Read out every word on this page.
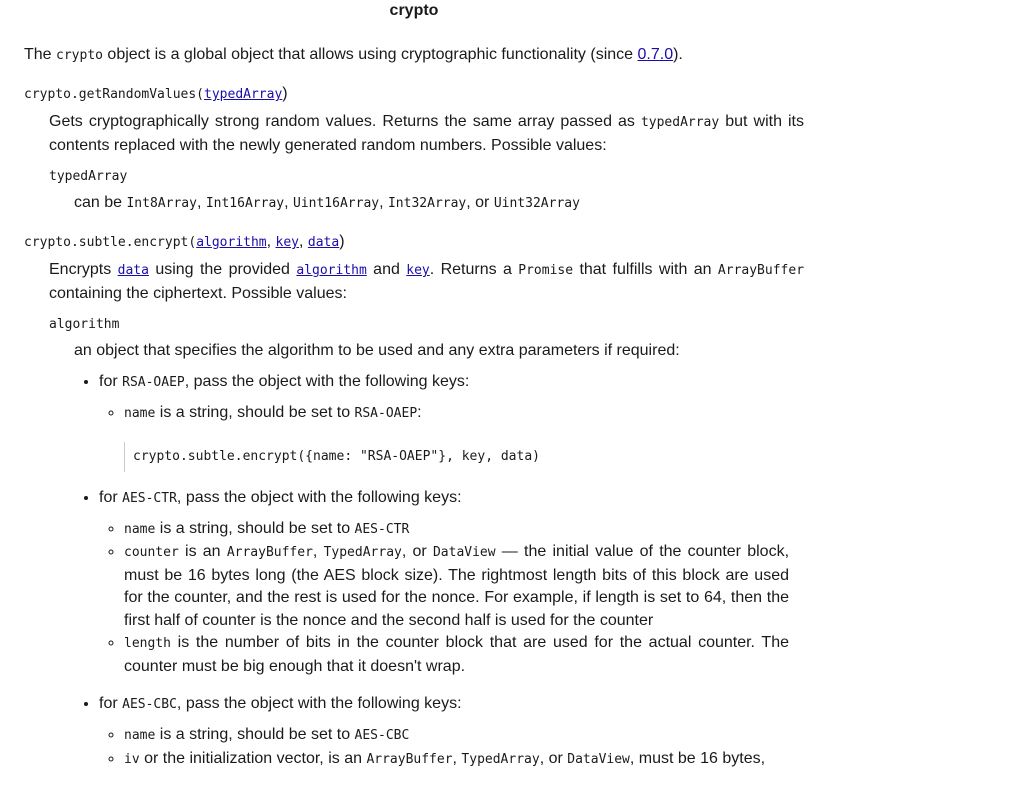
crypto

The crypto object is a global object that allows using cryptographic functionality (since 0.7.0).

crypto.getRandomValues(typedArray)

Gets cryptographically strong random values. Returns the same array passed as typedArray but with its contents replaced with the newly generated random numbers. Possible values:

typedArray
can be Int8Array, Int16Array, Uint16Array, Int32Array, or Uint32Array
crypto.subtle.encrypt(algorithm, key, data)

Encrypts data using the provided algorithm and key. Returns a Promise that fulfills with an ArrayBuffer containing the ciphertext. Possible values:

algorithm
an object that specifies the algorithm to be used and any extra parameters if required:
• for RSA-OAEP, pass the object with the following keys:
◦ name is a string, should be set to RSA-OAEP:
crypto.subtle.encrypt({name: "RSA-OAEP"}, key, data)
• for AES-CTR, pass the object with the following keys:
◦ name is a string, should be set to AES-CTR
◦ counter is an ArrayBuffer, TypedArray, or DataView — the initial value of the counter block, must be 16 bytes long (the AES block size). The rightmost length bits of this block are used for the counter, and the rest is used for the nonce. For example, if length is set to 64, then the first half of counter is the nonce and the second half is used for the counter
◦ length is the number of bits in the counter block that are used for the actual counter. The counter must be big enough that it doesn't wrap.
• for AES-CBC, pass the object with the following keys:
◦ name is a string, should be set to AES-CBC
◦ iv or the initialization vector, is an ArrayBuffer, TypedArray, or DataView, must be 16 bytes,
